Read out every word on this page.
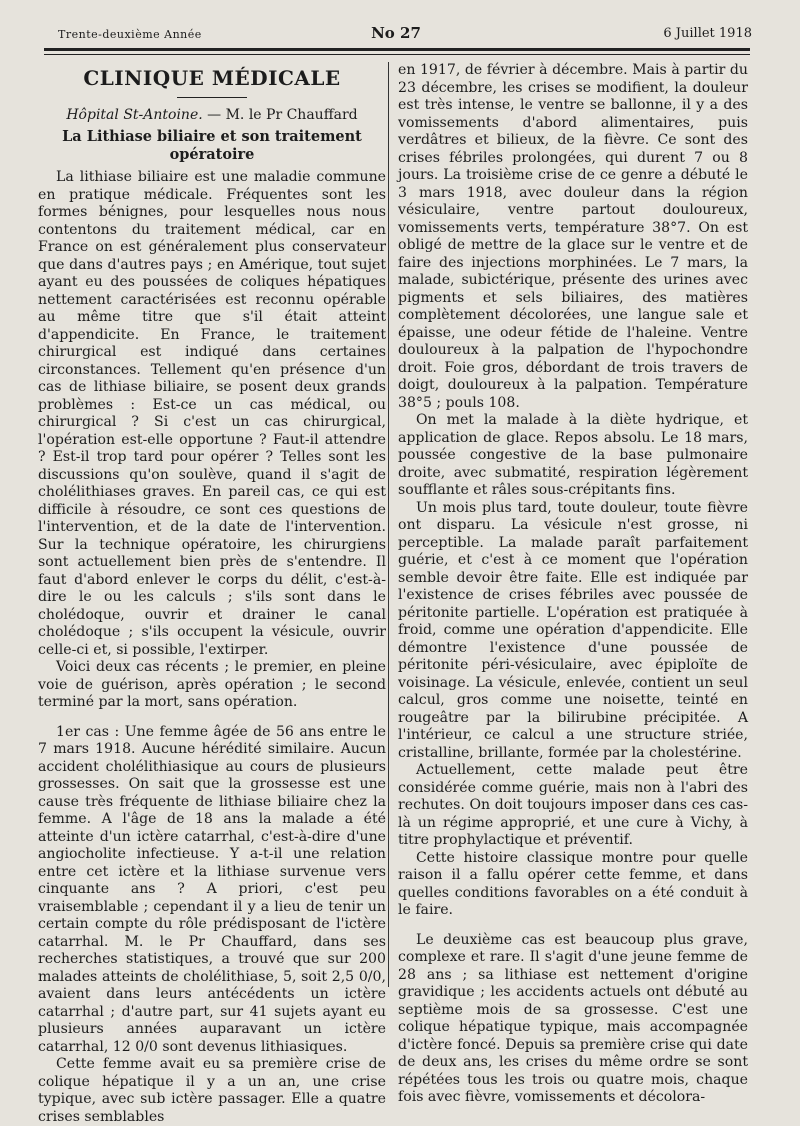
Trente-deuxième Année	No 27	6 Juillet 1918
CLINIQUE MÉDICALE
Hôpital St-Antoine. — M. le Pr Chauffard
La Lithiase biliaire et son traitement opératoire

La lithiase biliaire est une maladie commune en pratique médicale. Fréquentes sont les formes bénignes, pour lesquelles nous nous contentons du traitement médical, car en France on est généralement plus conservateur que dans d'autres pays ; en Amérique, tout sujet ayant eu des poussées de coliques hépatiques nettement caractérisées est reconnu opérable au même titre que s'il était atteint d'appendicite. En France, le traitement chirurgical est indiqué dans certaines circonstances. Tellement qu'en présence d'un cas de lithiase biliaire, se posent deux grands problèmes : Est-ce un cas médical, ou chirurgical ? Si c'est un cas chirurgical, l'opération est-elle opportune ? Faut-il attendre ? Est-il trop tard pour opérer ? Telles sont les discussions qu'on soulève, quand il s'agit de cholélithiases graves. En pareil cas, ce qui est difficile à résoudre, ce sont ces questions de l'intervention, et de la date de l'intervention. Sur la technique opératoire, les chirurgiens sont actuellement bien près de s'entendre. Il faut d'abord enlever le corps du délit, c'est-à-dire le ou les calculs ; s'ils sont dans le cholédoque, ouvrir et drainer le canal cholédoque ; s'ils occupent la vésicule, ouvrir celle-ci et, si possible, l'extirper.

Voici deux cas récents ; le premier, en pleine voie de guérison, après opération ; le second terminé par la mort, sans opération.

1er cas : Une femme âgée de 56 ans entre le 7 mars 1918. Aucune hérédité similaire. Aucun accident cholélithiasique au cours de plusieurs grossesses. On sait que la grossesse est une cause très fréquente de lithiase biliaire chez la femme. A l'âge de 18 ans la malade a été atteinte d'un ictère catarrhal, c'est-à-dire d'une angiocholite infectieuse. Y a-t-il une relation entre cet ictère et la lithiase survenue vers cinquante ans ? A priori, c'est peu vraisemblable ; cependant il y a lieu de tenir un certain compte du rôle prédisposant de l'ictère catarrhal. M. le Pr Chauffard, dans ses recherches statistiques, a trouvé que sur 200 malades atteints de cholélithiase, 5, soit 2,5 0/0, avaient dans leurs antécédents un ictère catarrhal ; d'autre part, sur 41 sujets ayant eu plusieurs années auparavant un ictère catarrhal, 12 0/0 sont devenus lithiasiques.

Cette femme avait eu sa première crise de colique hépatique il y a un an, une crise typique, avec sub ictère passager. Elle a quatre crises semblables

en 1917, de février à décembre. Mais à partir du 23 décembre, les crises se modifient, la douleur est très intense, le ventre se ballonne, il y a des vomissements d'abord alimentaires, puis verdâtres et bilieux, de la fièvre. Ce sont des crises fébriles prolongées, qui durent 7 ou 8 jours. La troisième crise de ce genre a débuté le 3 mars 1918, avec douleur dans la région vésiculaire, ventre partout douloureux, vomissements verts, température 38°7. On est obligé de mettre de la glace sur le ventre et de faire des injections morphinées. Le 7 mars, la malade, subictérique, présente des urines avec pigments et sels biliaires, des matières complètement décolorées, une langue sale et épaisse, une odeur fétide de l'haleine. Ventre douloureux à la palpation de l'hypochondre droit. Foie gros, débordant de trois travers de doigt, douloureux à la palpation. Température 38°5 ; pouls 108.

On met la malade à la diète hydrique, et application de glace. Repos absolu. Le 18 mars, poussée congestive de la base pulmonaire droite, avec submatité, respiration légèrement soufflante et râles sous-crépitants fins.

Un mois plus tard, toute douleur, toute fièvre ont disparu. La vésicule n'est grosse, ni perceptible. La malade paraît parfaitement guérie, et c'est à ce moment que l'opération semble devoir être faite. Elle est indiquée par l'existence de crises fébriles avec poussée de péritonite partielle. L'opération est pratiquée à froid, comme une opération d'appendicite. Elle démontre l'existence d'une poussée de péritonite péri-vésiculaire, avec épiploïte de voisinage. La vésicule, enlevée, contient un seul calcul, gros comme une noisette, teinté en rougeâtre par la bilirubine précipitée. A l'intérieur, ce calcul a une structure striée, cristalline, brillante, formée par la cholestérine.

Actuellement, cette malade peut être considérée comme guérie, mais non à l'abri des rechutes. On doit toujours imposer dans ces cas-là un régime approprié, et une cure à Vichy, à titre prophylactique et préventif.

Cette histoire classique montre pour quelle raison il a fallu opérer cette femme, et dans quelles conditions favorables on a été conduit à le faire.

Le deuxième cas est beaucoup plus grave, complexe et rare. Il s'agit d'une jeune femme de 28 ans ; sa lithiase est nettement d'origine gravidique ; les accidents actuels ont débuté au septième mois de sa grossesse. C'est une colique hépatique typique, mais accompagnée d'ictère foncé. Depuis sa première crise qui date de deux ans, les crises du même ordre se sont répétées tous les trois ou quatre mois, chaque fois avec fièvre, vomissements et décolora-
